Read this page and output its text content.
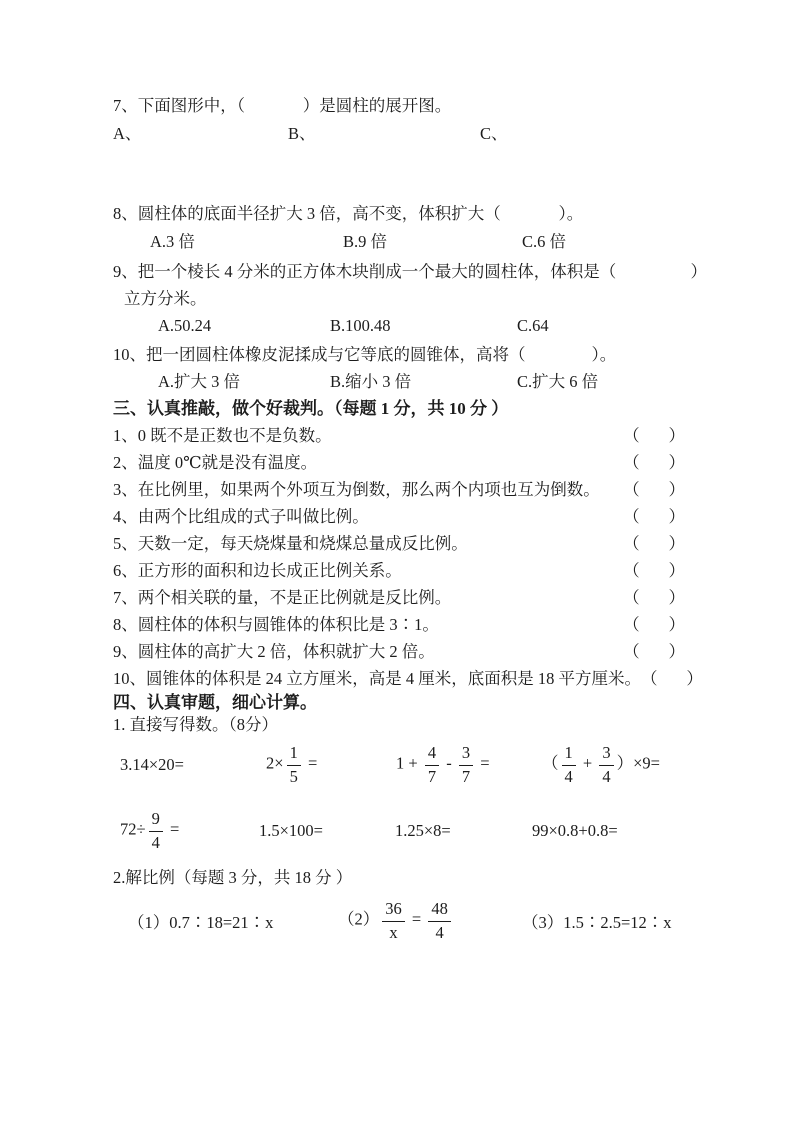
7、下面图形中，（              ）是圆柱的展开图。
A、	B、	C、
8、圆柱体的底面半径扩大 3 倍，高不变，体积扩大（              ）。
A.3 倍	B.9 倍	C.6 倍
9、把一个棱长 4 分米的正方体木块削成一个最大的圆柱体，体积是（                  ）
立方分米。
A.50.24	B.100.48	C.64
10、把一团圆柱体橡皮泥揉成与它等底的圆锥体，高将（                ）。
A.扩大 3 倍	B.缩小 3 倍	C.扩大 6 倍
三、认真推敲，做个好裁判。（每题 1 分，共 10 分 ）
1、0 既不是正数也不是负数。	（       ）
2、温度 0℃就是没有温度。	（       ）
3、在比例里，如果两个外项互为倒数，那么两个内项也互为倒数。 （       ）
4、由两个比组成的式子叫做比例。	（       ）
5、天数一定，每天烧煤量和烧煤总量成反比例。	（       ）
6、正方形的面积和边长成正比例关系。	（       ）
7、两个相关联的量，不是正比例就是反比例。	（       ）
8、圆柱体的体积与圆锥体的体积比是 3∶1。	（       ）
9、圆柱体的高扩大 2 倍，体积就扩大 2 倍。	（       ）
10、圆锥体的体积是 24 立方厘米，高是 4 厘米，底面积是 18 平方厘米。 （       ）
四、认真审题，细心计算。
1. 直接写得数。（8分）
3.14×20=	$2\times \frac{1}{5}$ =	$1 + \frac{4}{7} - \frac{3}{7}$ =	（ $\frac{1}{4} + \frac{3}{4} )\times 9=$
$72\div \frac{9}{4}$ =	1.5×100=	1.25×8=	99×0.8+0.8=
2.解比例（每题 3 分，共 18 分 ）
（1）0.7∶18=21∶x	$(2) \frac{36}{x} = \frac{48}{4}$	（3）1.5∶2.5=12∶x
